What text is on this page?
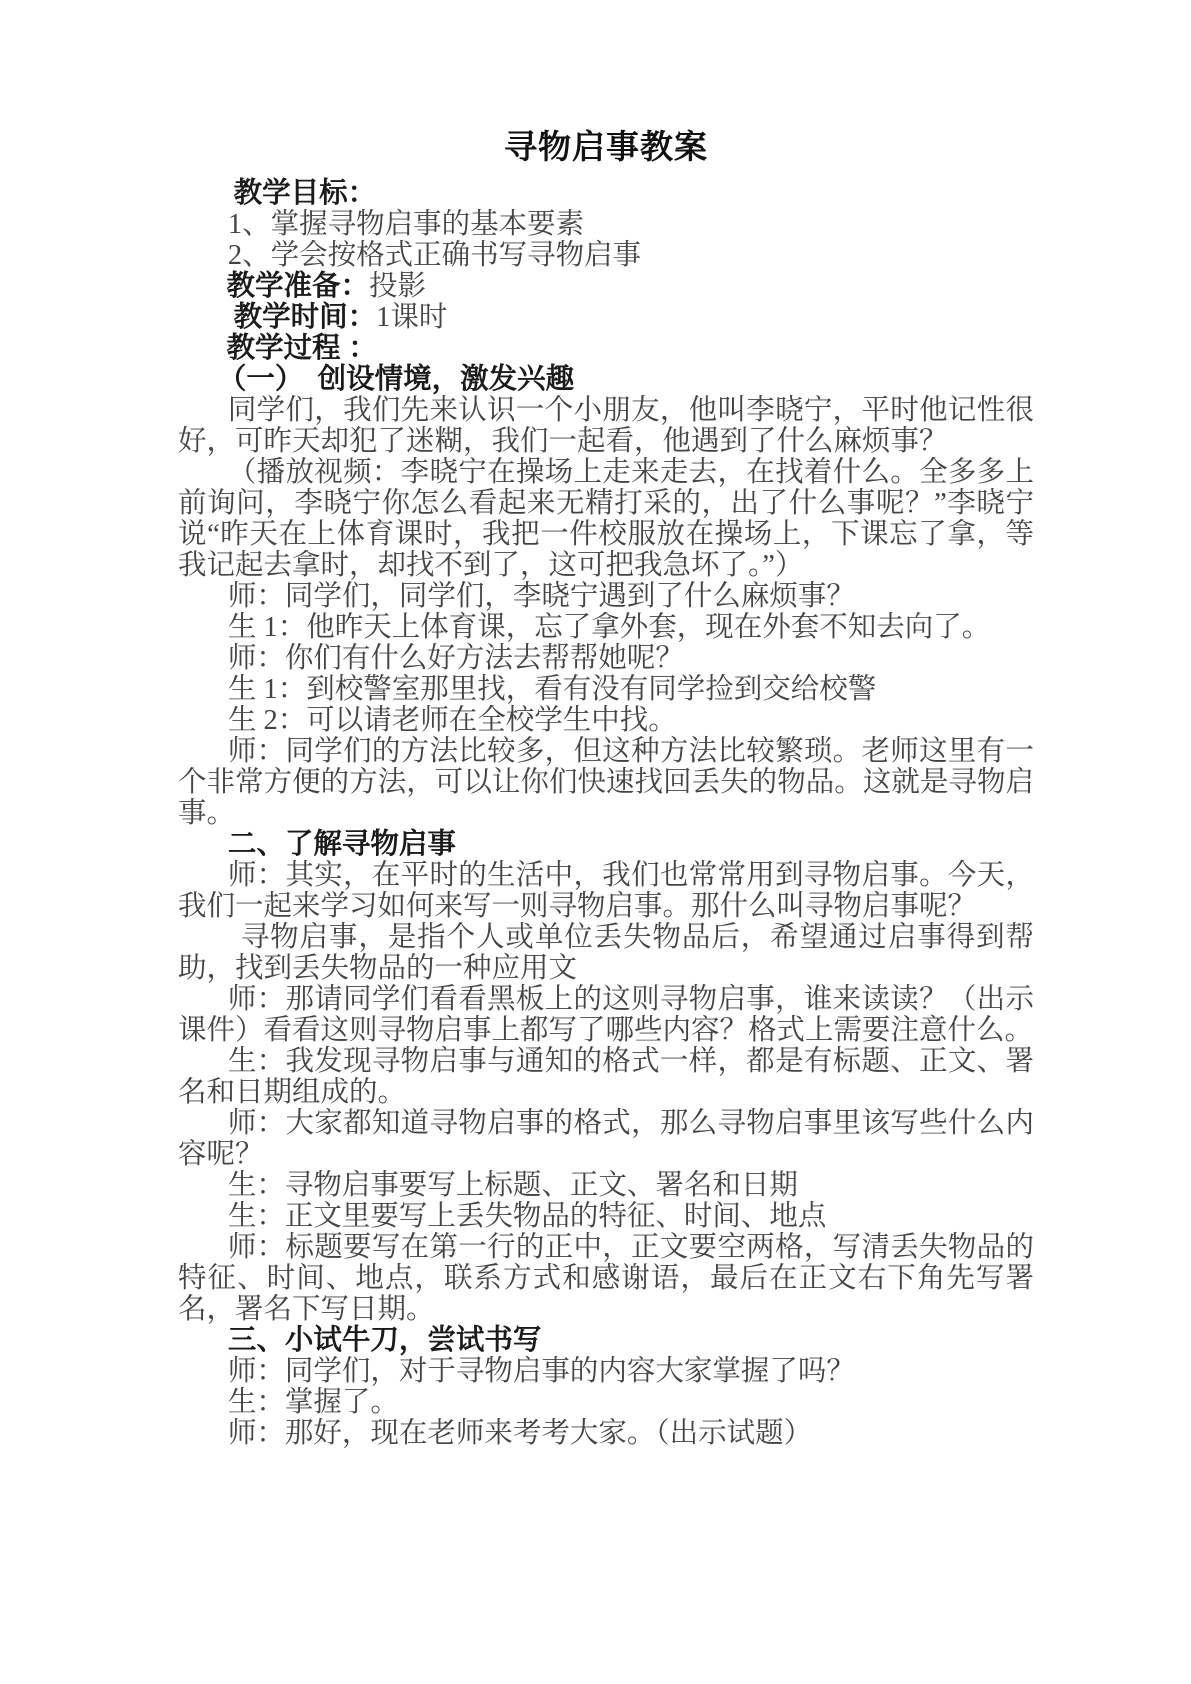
寻物启事教案

教学目标：

1、掌握寻物启事的基本要素

2、学会按格式正确书写寻物启事

教学准备：投影

教学时间：1课时

教学过程 ：

（一）　创设情境，激发兴趣

同学们，我们先来认识一个小朋友，他叫李晓宁，平时他记性很好，可昨天却犯了迷糊，我们一起看，他遇到了什么麻烦事？

（播放视频：李晓宁在操场上走来走去，在找着什么。全多多上前询问，李晓宁你怎么看起来无精打采的，出了什么事呢？”李晓宁说“昨天在上体育课时，我把一件校服放在操场上，下课忘了拿，等我记起去拿时，却找不到了，这可把我急坏了。”）

师：同学们，同学们，李晓宁遇到了什么麻烦事？

生 1：他昨天上体育课，忘了拿外套，现在外套不知去向了。

师：你们有什么好方法去帮帮她呢？

生 1：到校警室那里找，看有没有同学捡到交给校警

生 2：可以请老师在全校学生中找。

师：同学们的方法比较多，但这种方法比较繁琐。老师这里有一个非常方便的方法，可以让你们快速找回丢失的物品。这就是寻物启事。

二、了解寻物启事

师：其实，在平时的生活中，我们也常常用到寻物启事。今天，我们一起来学习如何来写一则寻物启事。那什么叫寻物启事呢？

寻物启事，是指个人或单位丢失物品后，希望通过启事得到帮助，找到丢失物品的一种应用文

师：那请同学们看看黑板上的这则寻物启事，谁来读读？（出示课件）看看这则寻物启事上都写了哪些内容？格式上需要注意什么。

生：我发现寻物启事与通知的格式一样，都是有标题、正文、署名和日期组成的。

师：大家都知道寻物启事的格式，那么寻物启事里该写些什么内容呢？

生：寻物启事要写上标题、正文、署名和日期

生：正文里要写上丢失物品的特征、时间、地点

师：标题要写在第一行的正中，正文要空两格，写清丢失物品的特征、时间、地点，联系方式和感谢语，最后在正文右下角先写署名，署名下写日期。

三、小试牛刀，尝试书写

师：同学们，对于寻物启事的内容大家掌握了吗？

生：掌握了。

师：那好，现在老师来考考大家。（出示试题）
